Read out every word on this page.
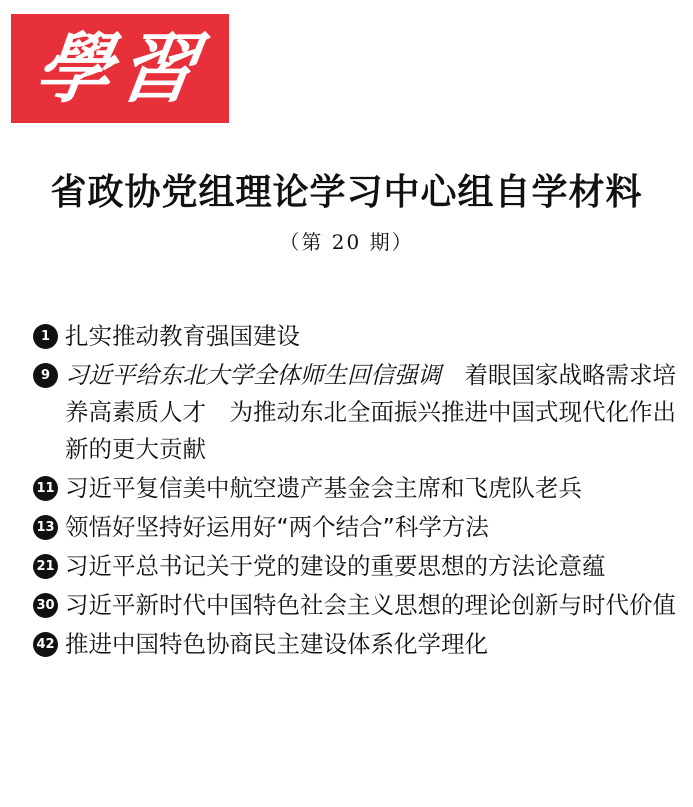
學習
省政协党组理论学习中心组自学材料
（第 20 期）
1 扎实推动教育强国建设
9 习近平给东北大学全体师生回信强调　着眼国家战略需求培养高素质人才　为推动东北全面振兴推进中国式现代化作出新的更大贡献
11 习近平复信美中航空遗产基金会主席和飞虎队老兵
13 领悟好坚持好运用好“两个结合”科学方法
21 习近平总书记关于党的建设的重要思想的方法论意蕴
30 习近平新时代中国特色社会主义思想的理论创新与时代价值
42 推进中国特色协商民主建设体系化学理化
